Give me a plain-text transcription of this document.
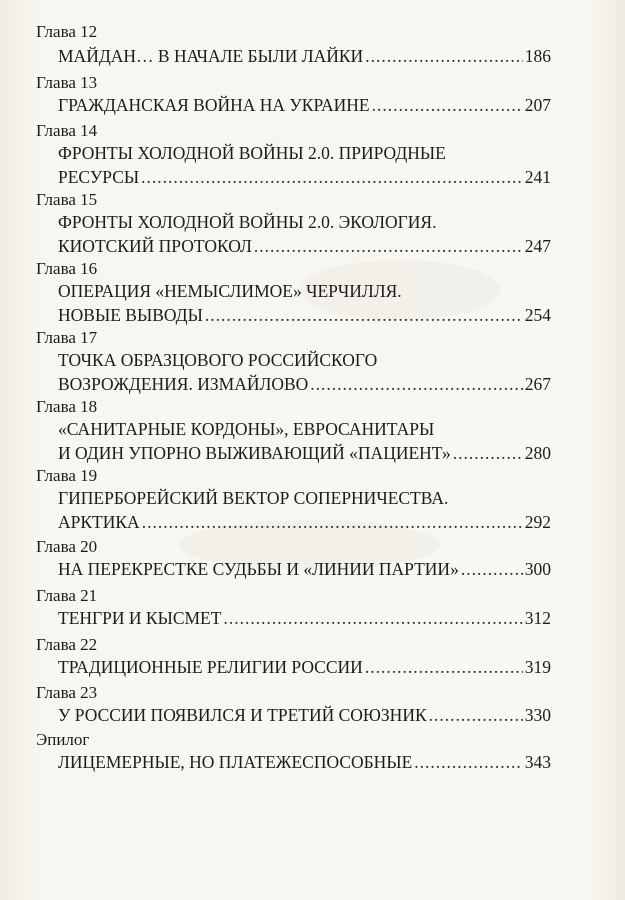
Глава 12
МАЙДАН… В НАЧАЛЕ БЫЛИ ЛАЙКИ .....	186
Глава 13
ГРАЖДАНСКАЯ ВОЙНА НА УКРАИНЕ .....	207
Глава 14
ФРОНТЫ ХОЛОДНОЙ ВОЙНЫ 2.0. ПРИРОДНЫЕ
РЕСУРСЫ .....	241
Глава 15
ФРОНТЫ ХОЛОДНОЙ ВОЙНЫ 2.0. ЭКОЛОГИЯ.
КИОТСКИЙ ПРОТОКОЛ .....	247
Глава 16
ОПЕРАЦИЯ «НЕМЫСЛИМОЕ» ЧЕРЧИЛЛЯ.
НОВЫЕ ВЫВОДЫ .....	254
Глава 17
ТОЧКА ОБРАЗЦОВОГО РОССИЙСКОГО
ВОЗРОЖДЕНИЯ. ИЗМАЙЛОВО .....	267
Глава 18
«САНИТАРНЫЕ КОРДОНЫ», ЕВРОСАНИТАРЫ
И ОДИН УПОРНО ВЫЖИВАЮЩИЙ «ПАЦИЕНТ» .....	280
Глава 19
ГИПЕРБОРЕЙСКИЙ ВЕКТОР СОПЕРНИЧЕСТВА.
АРКТИКА .....	292
Глава 20
НА ПЕРЕКРЕСТКЕ СУДЬБЫ И «ЛИНИИ ПАРТИИ» .....	300
Глава 21
ТЕНГРИ И КЫСМЕТ .....	312
Глава 22
ТРАДИЦИОННЫЕ РЕЛИГИИ РОССИИ .....	319
Глава 23
У РОССИИ ПОЯВИЛСЯ И ТРЕТИЙ СОЮЗНИК .....	330
Эпилог
ЛИЦЕМЕРНЫЕ, НО ПЛАТЕЖЕСПОСОБНЫЕ .....	343
